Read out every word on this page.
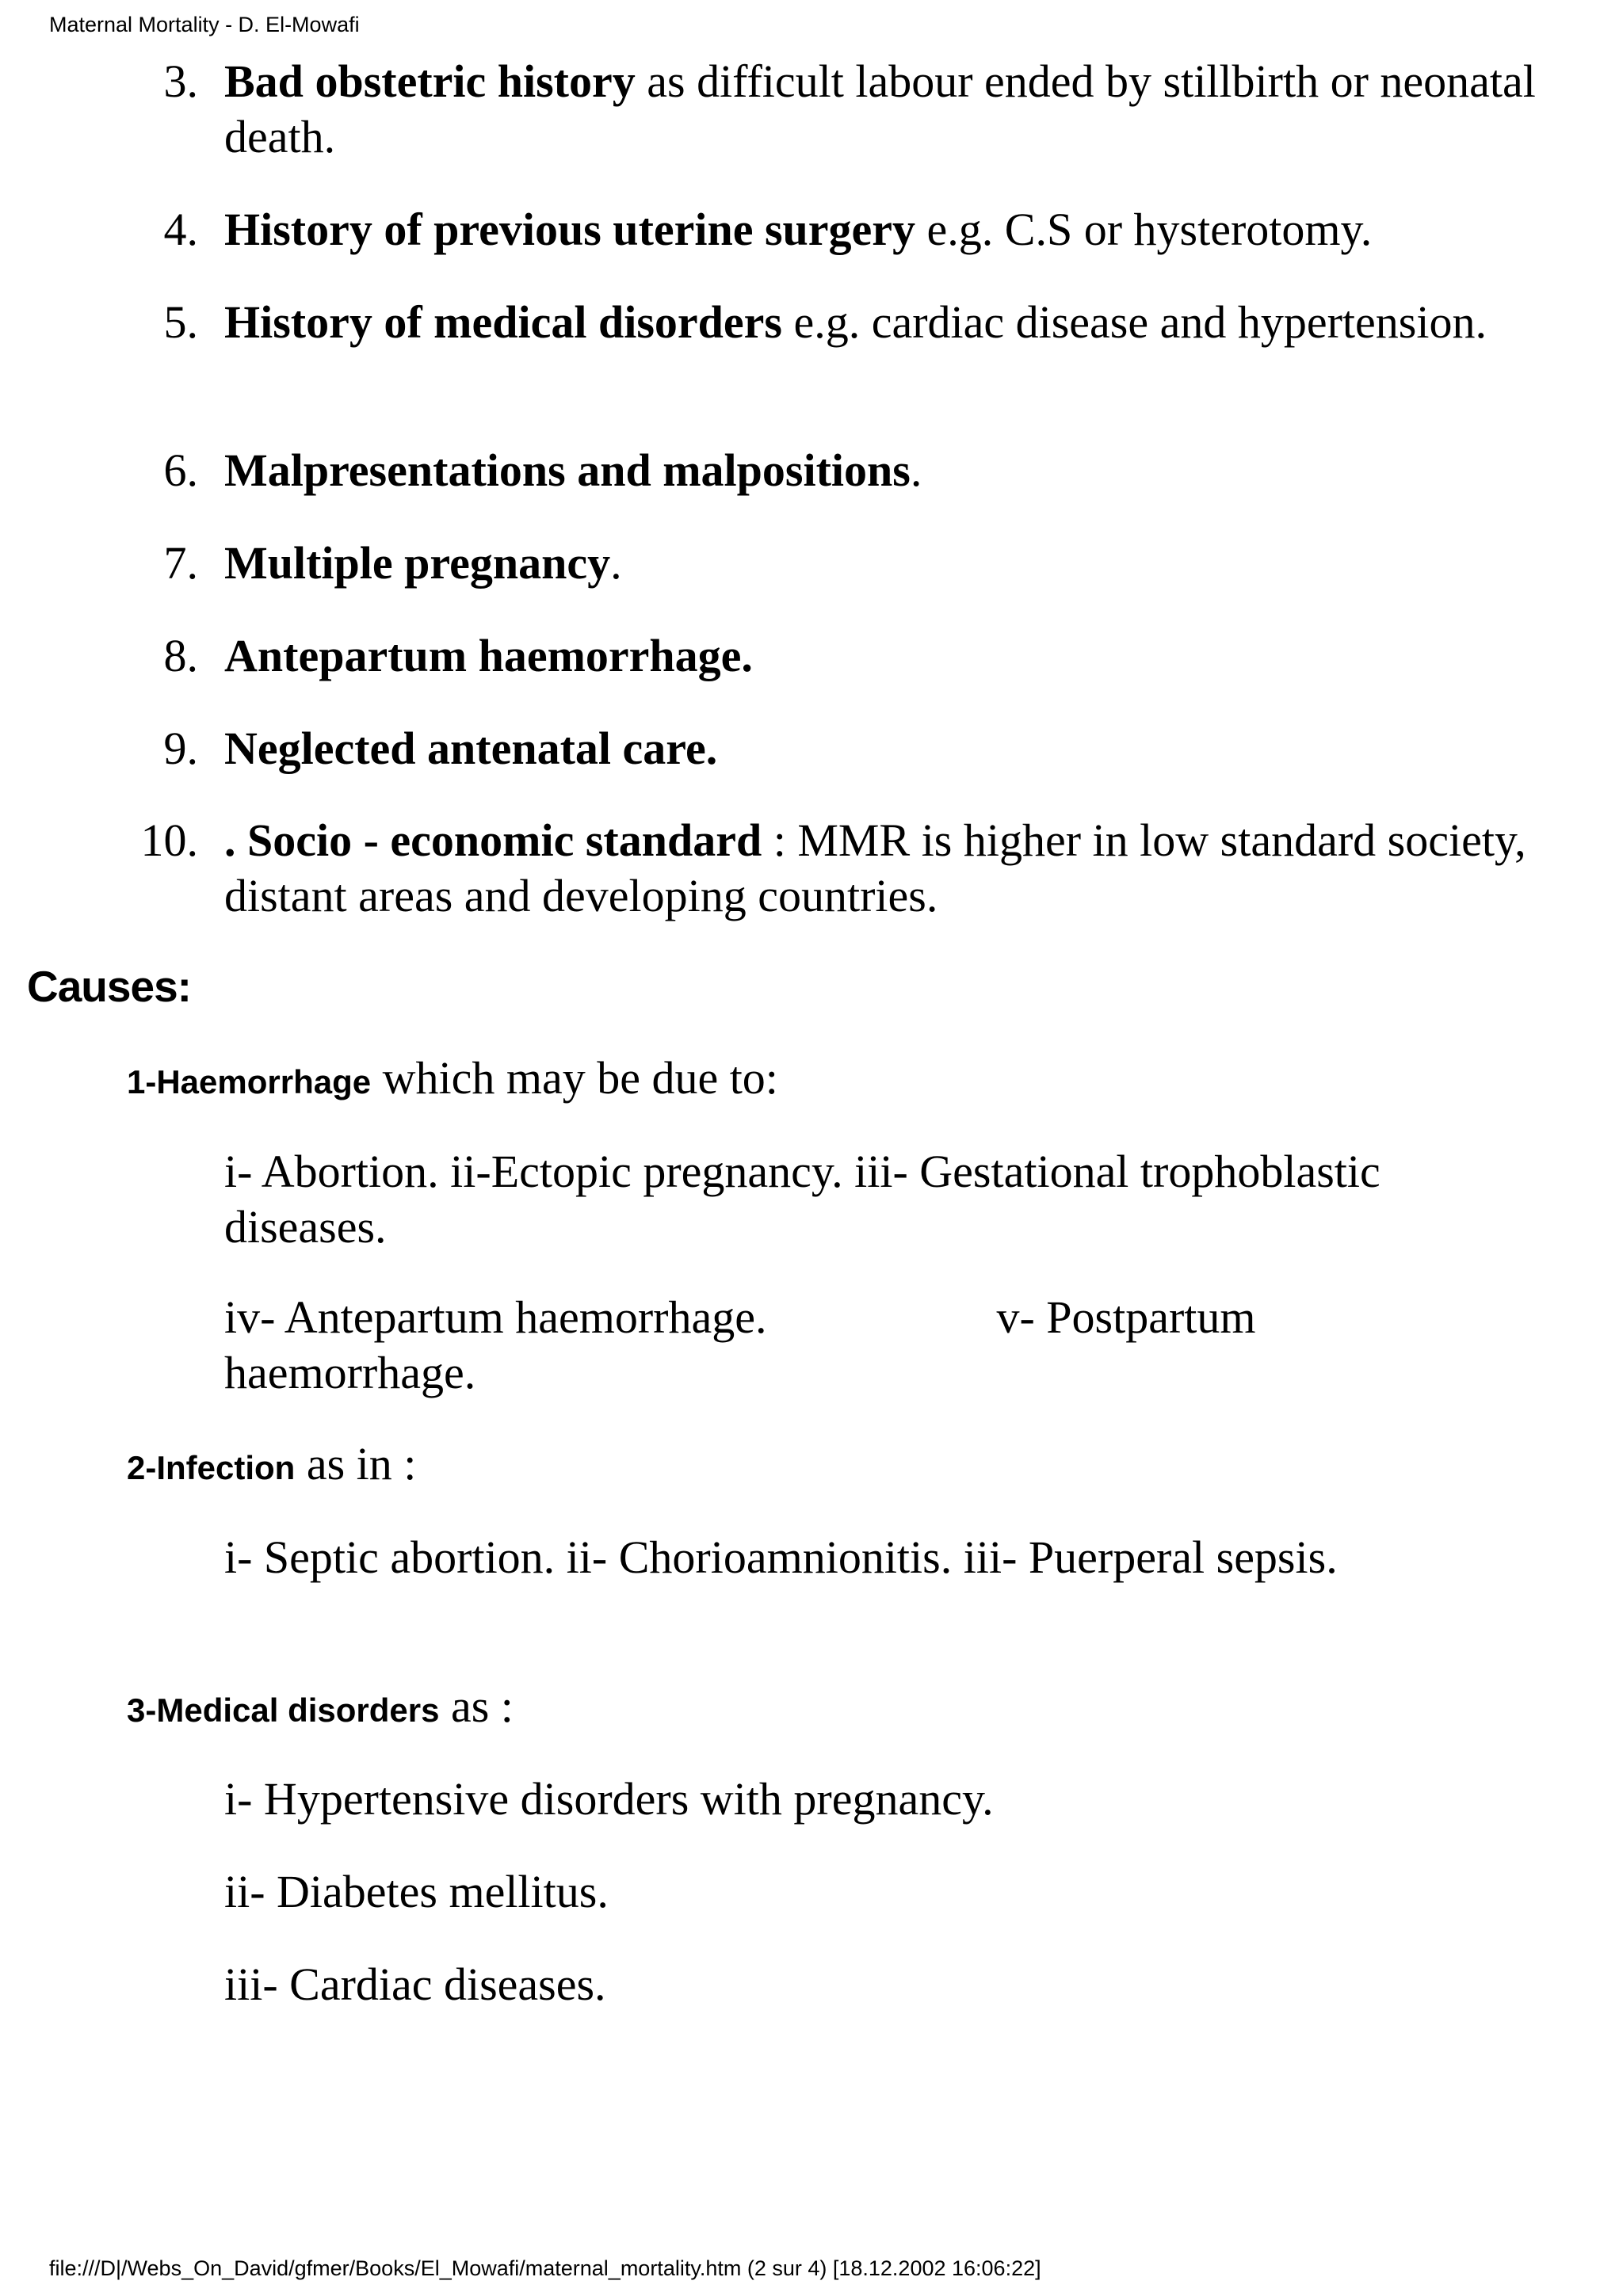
Maternal Mortality - D. El-Mowafi
3. Bad obstetric history as difficult labour ended by stillbirth or neonatal death.
4. History of previous uterine surgery e.g. C.S or hysterotomy.
5. History of medical disorders e.g. cardiac disease and hypertension.
6. Malpresentations and malpositions.
7. Multiple pregnancy.
8. Antepartum haemorrhage.
9. Neglected antenatal care.
10. . Socio - economic standard : MMR is higher in low standard society, distant areas and developing countries.
Causes:
1-Haemorrhage which may be due to:
i- Abortion. ii-Ectopic pregnancy. iii- Gestational trophoblastic diseases.
iv- Antepartum haemorrhage.	v- Postpartum haemorrhage.
2-Infection as in :
i- Septic abortion. ii- Chorioamnionitis. iii- Puerperal sepsis.
3-Medical disorders as :
i- Hypertensive disorders with pregnancy.
ii- Diabetes mellitus.
iii- Cardiac diseases.
file:///D|/Webs_On_David/gfmer/Books/El_Mowafi/maternal_mortality.htm (2 sur 4) [18.12.2002 16:06:22]
